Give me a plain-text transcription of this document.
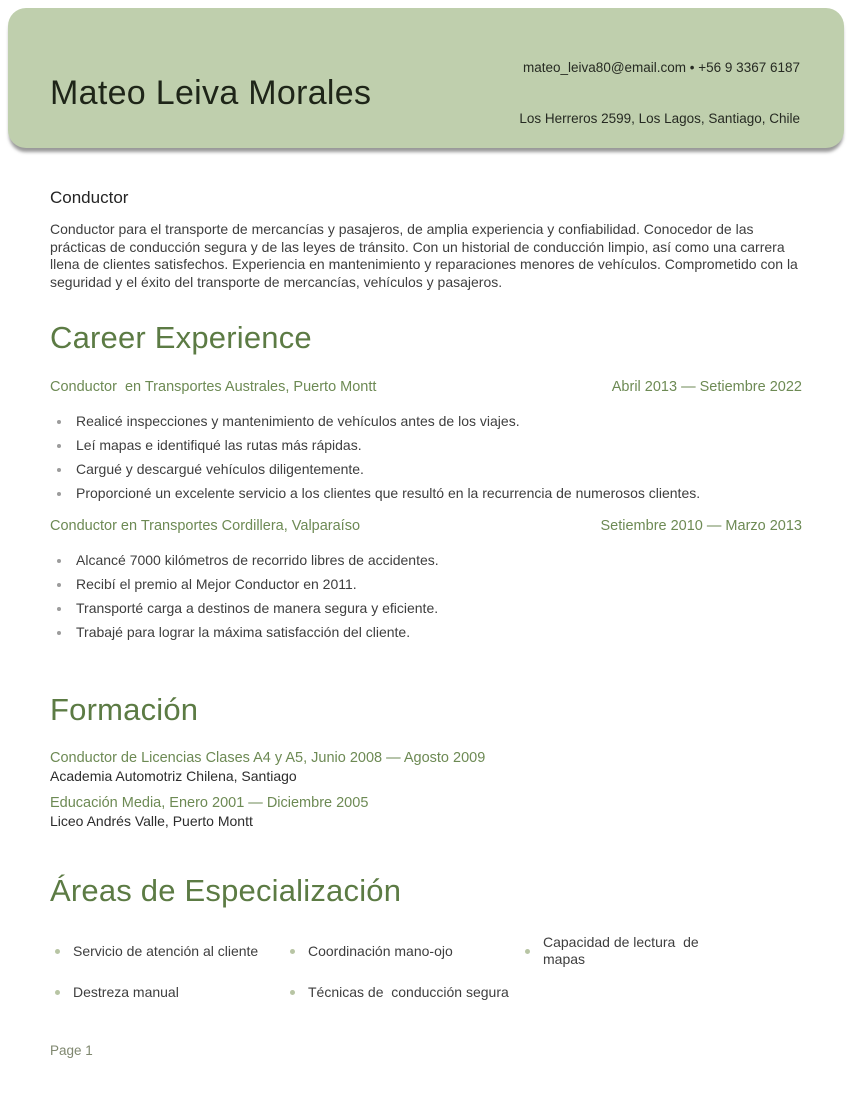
Mateo Leiva Morales

mateo_leiva80@email.com • +56 9 3367 6187

Los Herreros 2599, Los Lagos, Santiago, Chile

Conductor
Conductor para el transporte de mercancías y pasajeros, de amplia experiencia y confiabilidad. Conocedor de las prácticas de conducción segura y de las leyes de tránsito. Con un historial de conducción limpio, así como una carrera llena de clientes satisfechos. Experiencia en mantenimiento y reparaciones menores de vehículos. Comprometido con la seguridad y el éxito del transporte de mercancías, vehículos y pasajeros.
Career Experience
Conductor  en Transportes Australes, Puerto Montt	Abril 2013 — Setiembre 2022
Realicé inspecciones y mantenimiento de vehículos antes de los viajes.
Leí mapas e identifiqué las rutas más rápidas.
Cargué y descargué vehículos diligentemente.
Proporcioné un excelente servicio a los clientes que resultó en la recurrencia de numerosos clientes.
Conductor en Transportes Cordillera, Valparaíso	Setiembre 2010 — Marzo 2013
Alcancé 7000 kilómetros de recorrido libres de accidentes.
Recibí el premio al Mejor Conductor en 2011.
Transporté carga a destinos de manera segura y eficiente.
Trabajé para lograr la máxima satisfacción del cliente.
Formación
Conductor de Licencias Clases A4 y A5, Junio 2008 — Agosto 2009
Academia Automotriz Chilena, Santiago
Educación Media, Enero 2001 — Diciembre 2005
Liceo Andrés Valle, Puerto Montt
Áreas de Especialización
Servicio de atención al cliente
Destreza manual
Coordinación mano-ojo
Técnicas de  conducción segura
Capacidad de lectura  de mapas
Page 1
